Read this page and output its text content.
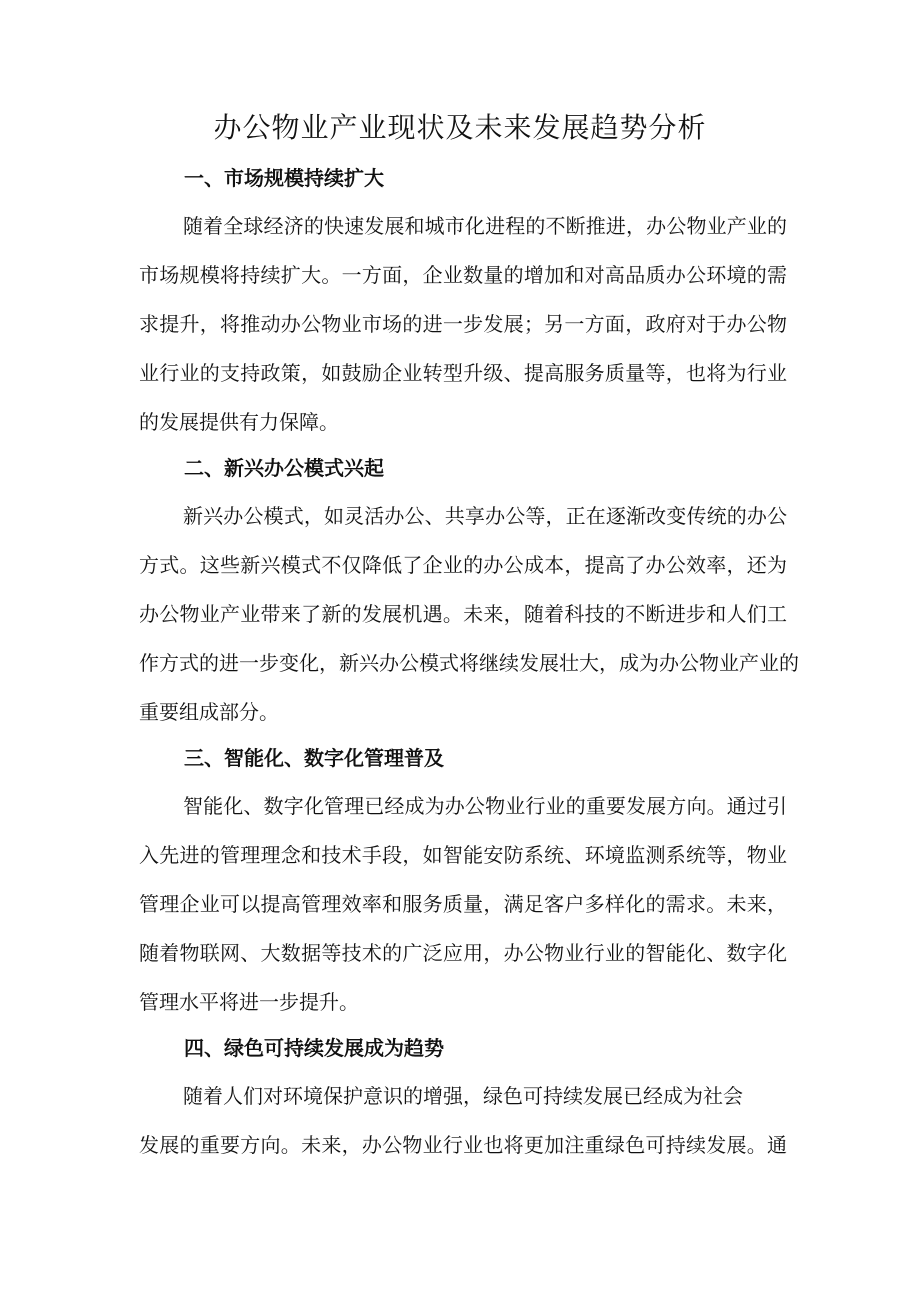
办公物业产业现状及未来发展趋势分析
一、市场规模持续扩大
随着全球经济的快速发展和城市化进程的不断推进，办公物业产业的
市场规模将持续扩大。一方面，企业数量的增加和对高品质办公环境的需
求提升，将推动办公物业市场的进一步发展；另一方面，政府对于办公物
业行业的支持政策，如鼓励企业转型升级、提高服务质量等，也将为行业
的发展提供有力保障。
二、新兴办公模式兴起
新兴办公模式，如灵活办公、共享办公等，正在逐渐改变传统的办公
方式。这些新兴模式不仅降低了企业的办公成本，提高了办公效率，还为
办公物业产业带来了新的发展机遇。未来，随着科技的不断进步和人们工
作方式的进一步变化，新兴办公模式将继续发展壮大，成为办公物业产业的
重要组成部分。
三、智能化、数字化管理普及
智能化、数字化管理已经成为办公物业行业的重要发展方向。通过引
入先进的管理理念和技术手段，如智能安防系统、环境监测系统等，物业
管理企业可以提高管理效率和服务质量，满足客户多样化的需求。未来，
随着物联网、大数据等技术的广泛应用，办公物业行业的智能化、数字化
管理水平将进一步提升。
四、绿色可持续发展成为趋势
随着人们对环境保护意识的增强，绿色可持续发展已经成为社会
发展的重要方向。未来，办公物业行业也将更加注重绿色可持续发展。通
